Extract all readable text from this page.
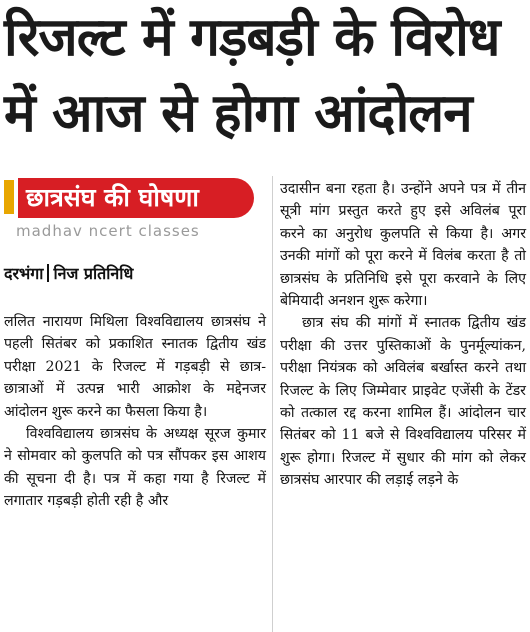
रिजल्ट में गड़बड़ी के विरोध
में आज से होगा आंदोलन
छात्रसंघ की घोषणा
madhav ncert classes
दरभंगा निज प्रतिनिधि

ललित नारायण मिथिला विश्वविद्यालय छात्रसंघ ने पहली सितंबर को प्रकाशित स्नातक द्वितीय खंड परीक्षा 2021 के रिजल्ट में गड़बड़ी से छात्र-छात्राओं में उत्पन्न भारी आक्रोश के मद्देनजर आंदोलन शुरू करने का फैसला किया है।

विश्वविद्यालय छात्रसंघ के अध्यक्ष सूरज कुमार ने सोमवार को कुलपति को पत्र सौंपकर इस आशय की सूचना दी है। पत्र में कहा गया है रिजल्ट में लगातार गड़बड़ी होती रही है और

उदासीन बना रहता है। उन्होंने अपने पत्र में तीन सूत्री मांग प्रस्तुत करते हुए इसे अविलंब पूरा करने का अनुरोध कुलपति से किया है। अगर उनकी मांगों को पूरा करने में विलंब करता है तो छात्रसंघ के प्रतिनिधि इसे पूरा करवाने के लिए बेमियादी अनशन शुरू करेगा।

छात्र संघ की मांगों में स्नातक द्वितीय खंड परीक्षा की उत्तर पुस्तिकाओं के पुनर्मूल्यांकन, परीक्षा नियंत्रक को अविलंब बर्खास्त करने तथा रिजल्ट के लिए जिम्मेवार प्राइवेट एजेंसी के टेंडर को तत्काल रद्द करना शामिल हैं। आंदोलन चार सितंबर को 11 बजे से विश्वविद्यालय परिसर में शुरू होगा। रिजल्ट में सुधार की मांग को लेकर छात्रसंघ आरपार की लड़ाई लड़ने के
